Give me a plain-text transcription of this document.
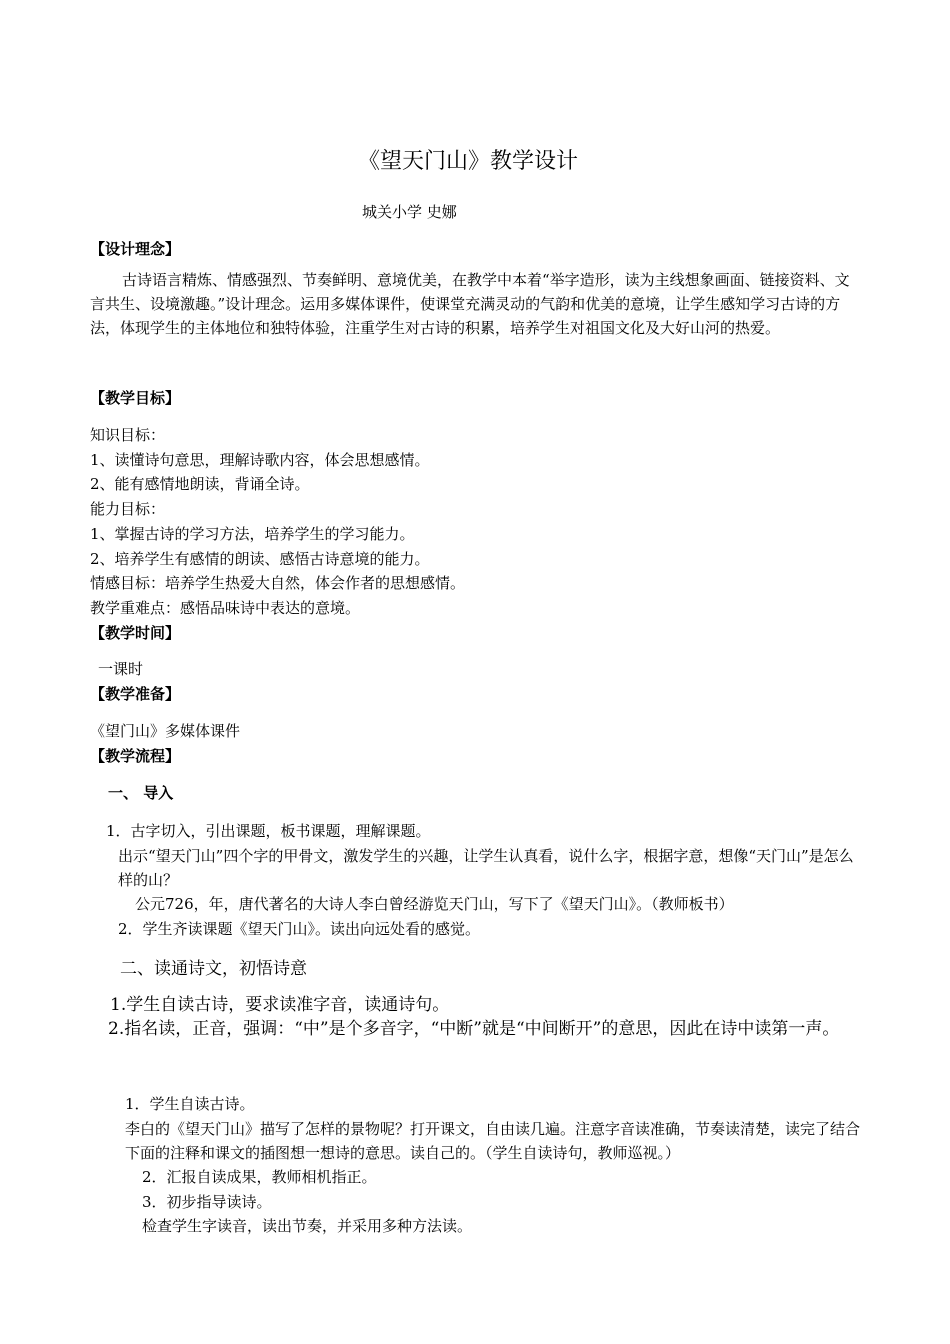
《望天门山》教学设计
城关小学 史娜
【设计理念】
古诗语言精炼、情感强烈、节奏鲜明、意境优美，在教学中本着“举字造形，读为主线想象画面、链接资料、文言共生、设境激趣。”设计理念。运用多媒体课件，使课堂充满灵动的气韵和优美的意境，让学生感知学习古诗的方法，体现学生的主体地位和独特体验，注重学生对古诗的积累，培养学生对祖国文化及大好山河的热爱。
【教学目标】
知识目标：
1、读懂诗句意思，理解诗歌内容，体会思想感情。
2、能有感情地朗读，背诵全诗。
能力目标：
1、掌握古诗的学习方法，培养学生的学习能力。
2、培养学生有感情的朗读、感悟古诗意境的能力。
情感目标：培养学生热爱大自然，体会作者的思想感情。
教学重难点：感悟品味诗中表达的意境。
【教学时间】
一课时
【教学准备】
《望门山》多媒体课件
【教学流程】
一、 导入
1．古字切入，引出课题，板书课题，理解课题。
出示“望天门山”四个字的甲骨文，激发学生的兴趣，让学生认真看，说什么字，根据字意，想像“天门山”是怎么样的山？
公元726，年，唐代著名的大诗人李白曾经游览天门山，写下了《望天门山》。（教师板书）
2．学生齐读课题《望天门山》。读出向远处看的感觉。
二、读通诗文，初悟诗意
1.学生自读古诗，要求读准字音，读通诗句。
2.指名读，正音，强调：“中”是个多音字，“中断”就是“中间断开”的意思，因此在诗中读第一声。
1．学生自读古诗。
李白的《望天门山》描写了怎样的景物呢？打开课文，自由读几遍。注意字音读准确，节奏读清楚，读完了结合下面的注释和课文的插图想一想诗的意思。读自己的。（学生自读诗句，教师巡视。）
2．汇报自读成果，教师相机指正。
3．初步指导读诗。
检查学生字读音，读出节奏，并采用多种方法读。
